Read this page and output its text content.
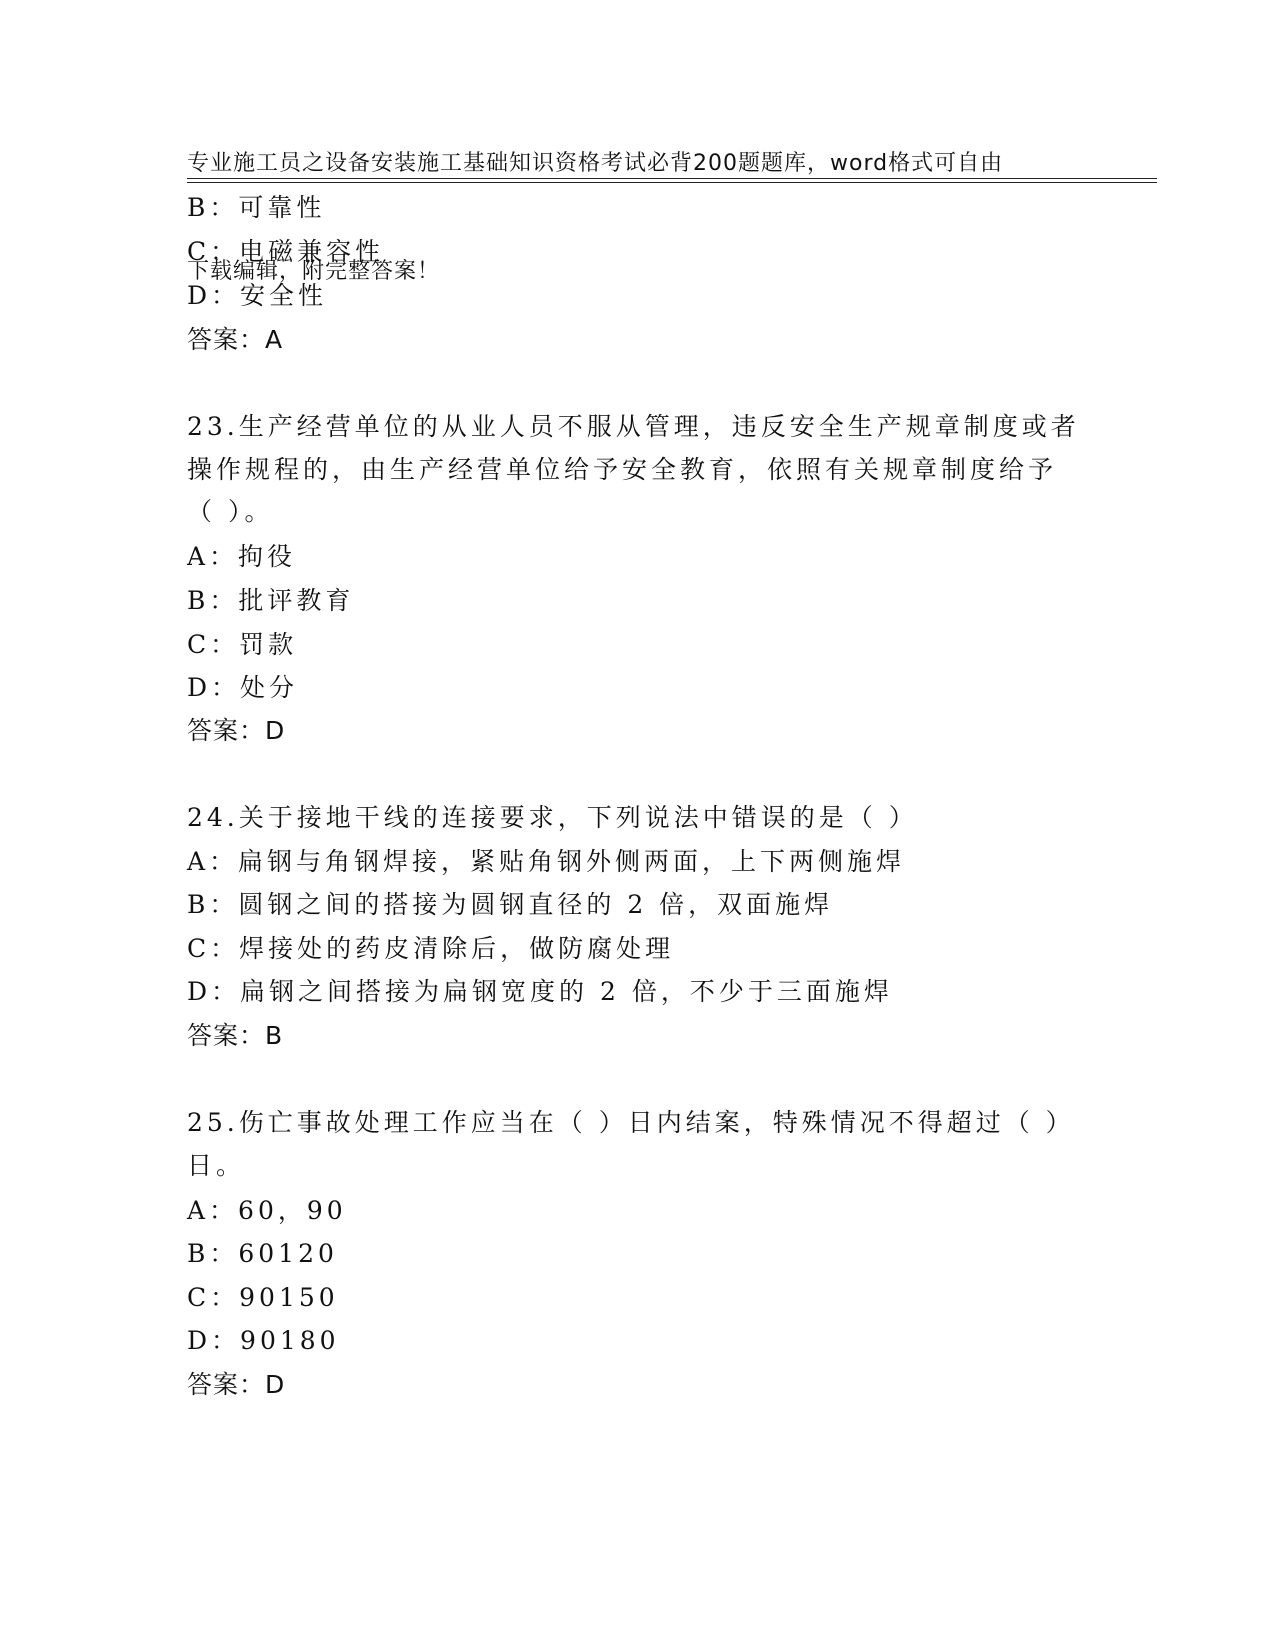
专业施工员之设备安装施工基础知识资格考试必背200题题库，word格式可自由

下载编辑，附完整答案！

B：可靠性
C：电磁兼容性
D：安全性
答案：A
23.生产经营单位的从业人员不服从管理，违反安全生产规章制度或者
操作规程的，由生产经营单位给予安全教育，依照有关规章制度给予
（ ）。
A：拘役
B：批评教育
C：罚款
D：处分
答案：D
24.关于接地干线的连接要求，下列说法中错误的是（ ）
A：扁钢与角钢焊接，紧贴角钢外侧两面，上下两侧施焊
B：圆钢之间的搭接为圆钢直径的 2 倍，双面施焊
C：焊接处的药皮清除后，做防腐处理
D：扁钢之间搭接为扁钢宽度的 2 倍，不少于三面施焊
答案：B
25.伤亡事故处理工作应当在（ ）日内结案，特殊情况不得超过（ ）
日。
A：60，90
B：60120
C：90150
D：90180
答案：D
